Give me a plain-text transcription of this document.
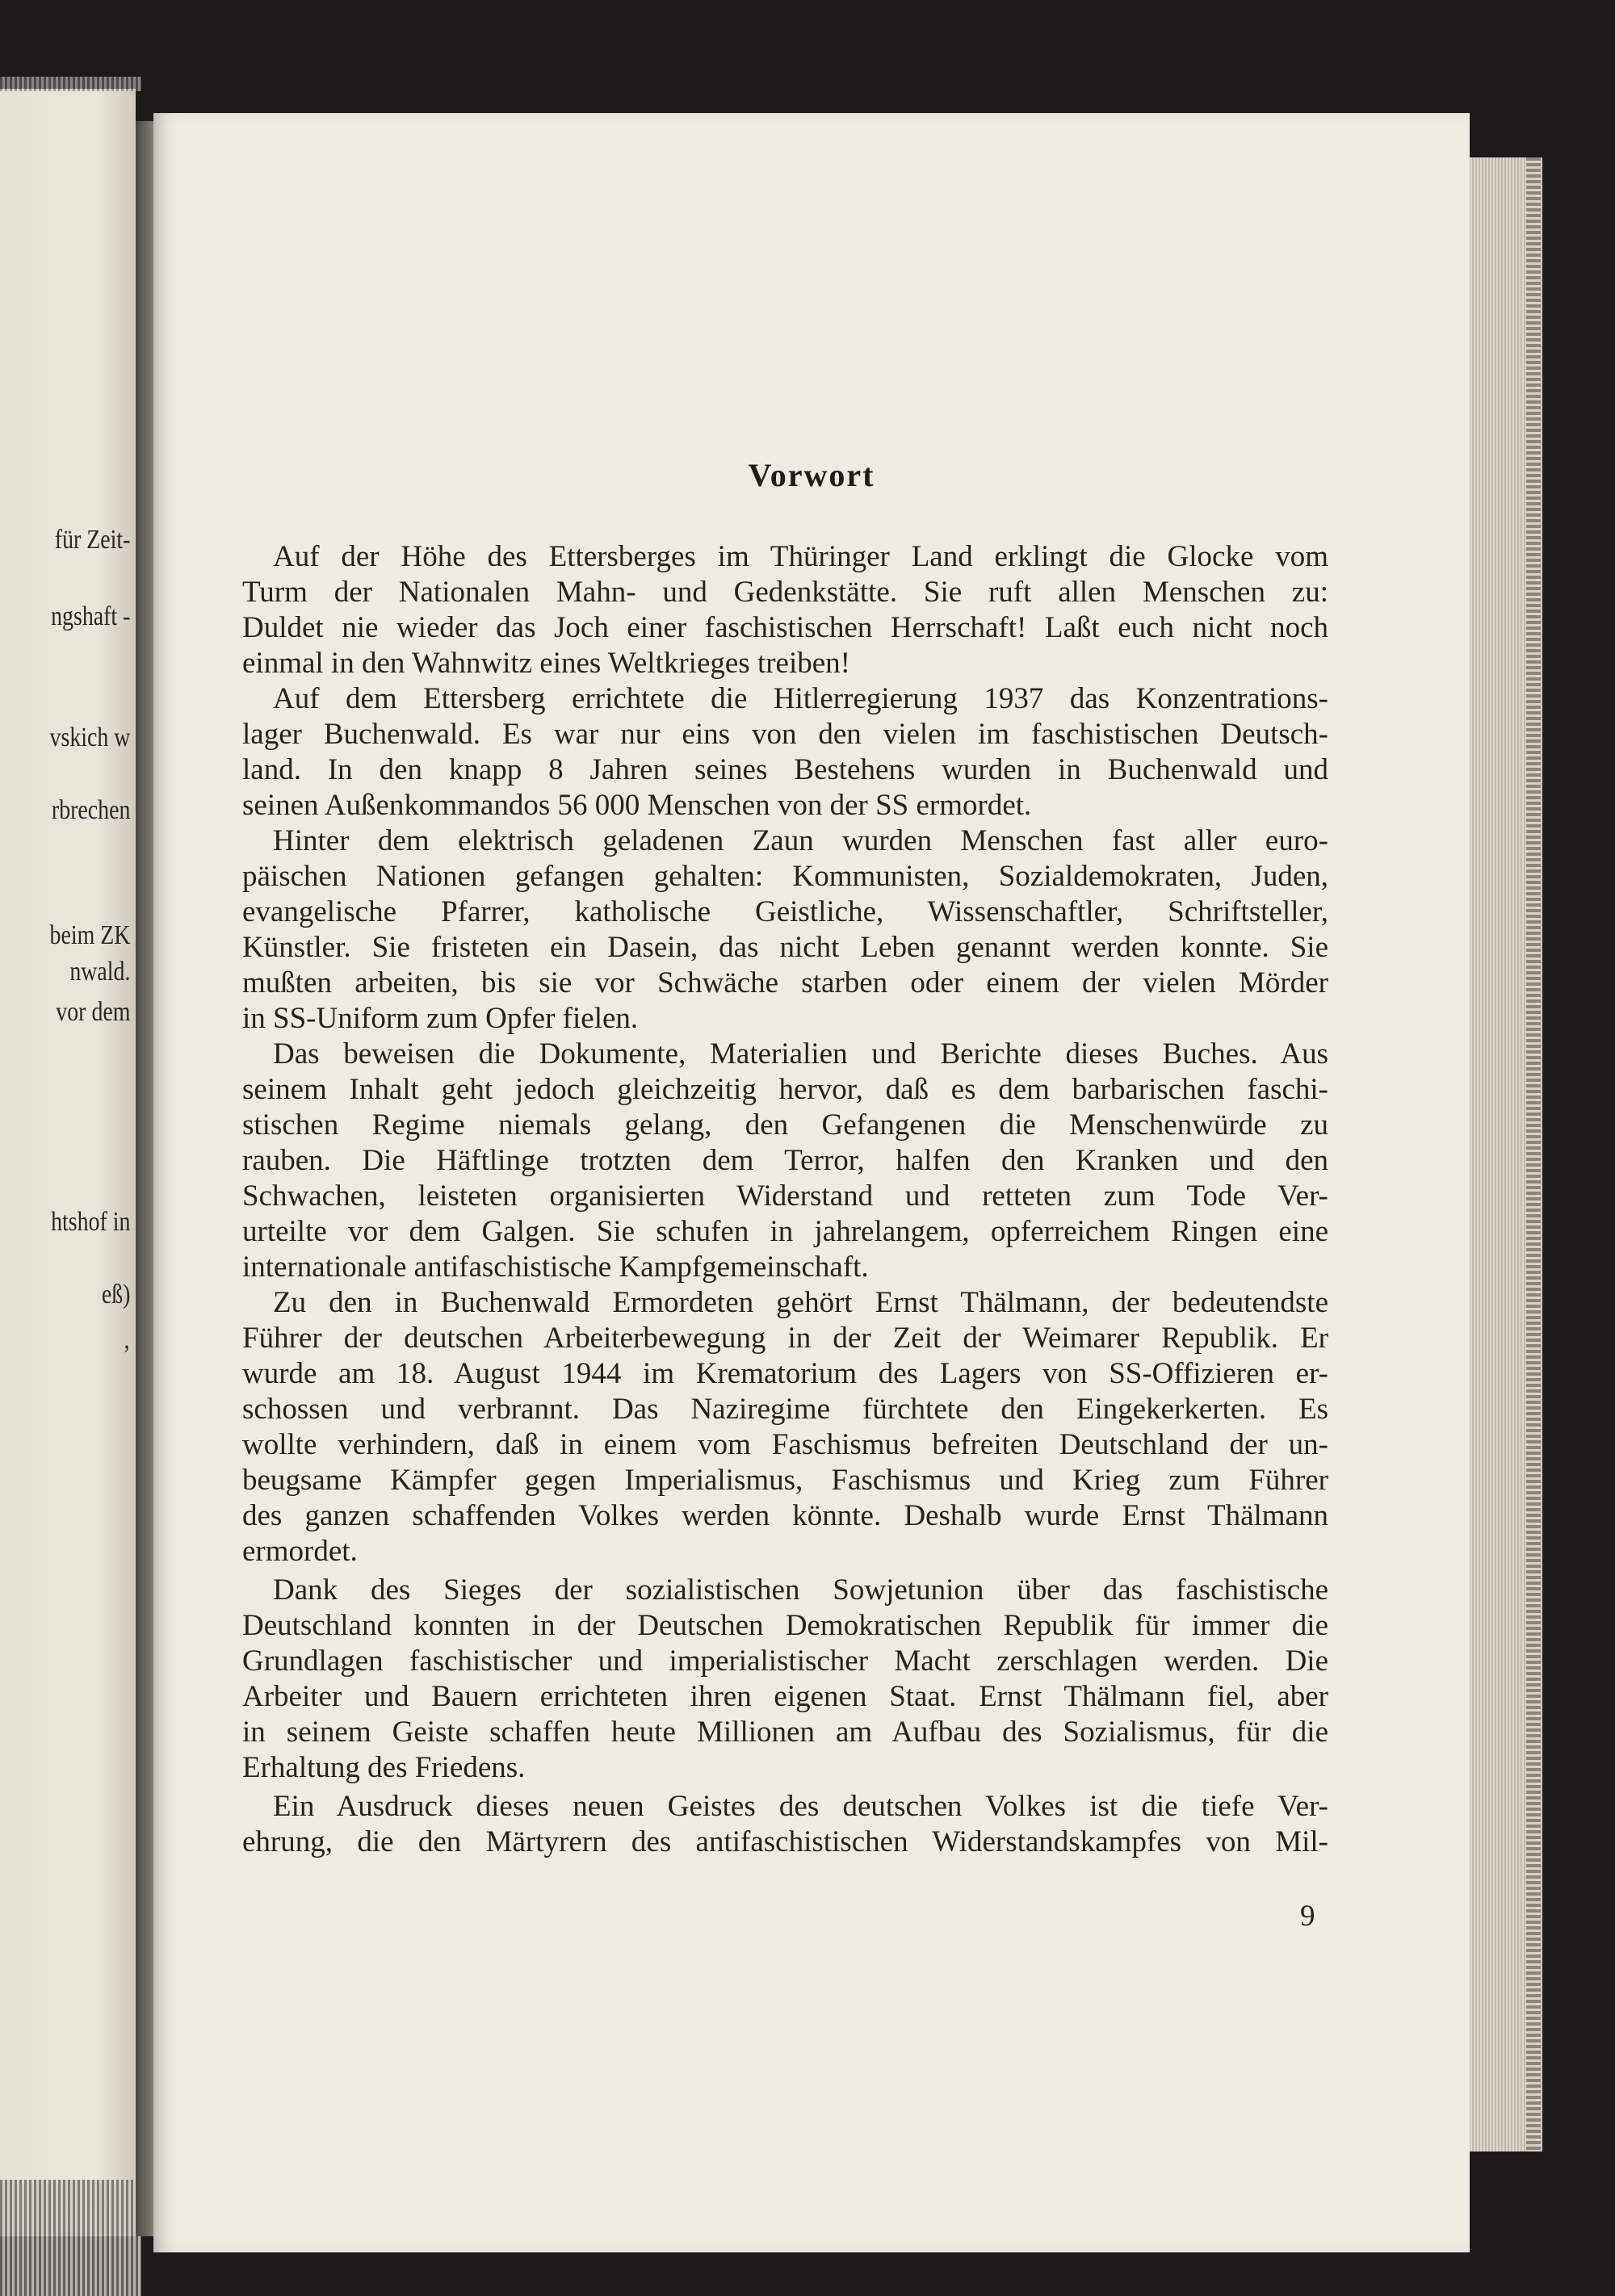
für Zeit-
ngshaft -
vskich w
rbrechen
beim ZK
nwald.
vor dem
htshof in
eß)
ʼ
Vorwort
Auf der Höhe des Ettersberges im Thüringer Land erklingt die Glocke vom
Turm der Nationalen Mahn- und Gedenkstätte. Sie ruft allen Menschen zu:
Duldet nie wieder das Joch einer faschistischen Herrschaft! Laßt euch nicht noch
einmal in den Wahnwitz eines Weltkrieges treiben!
Auf dem Ettersberg errichtete die Hitlerregierung 1937 das Konzentrations-
lager Buchenwald. Es war nur eins von den vielen im faschistischen Deutsch-
land. In den knapp 8 Jahren seines Bestehens wurden in Buchenwald und
seinen Außenkommandos 56 000 Menschen von der SS ermordet.
Hinter dem elektrisch geladenen Zaun wurden Menschen fast aller euro-
päischen Nationen gefangen gehalten: Kommunisten, Sozialdemokraten, Juden,
evangelische Pfarrer, katholische Geistliche, Wissenschaftler, Schriftsteller,
Künstler. Sie fristeten ein Dasein, das nicht Leben genannt werden konnte. Sie
mußten arbeiten, bis sie vor Schwäche starben oder einem der vielen Mörder
in SS-Uniform zum Opfer fielen.
Das beweisen die Dokumente, Materialien und Berichte dieses Buches. Aus
seinem Inhalt geht jedoch gleichzeitig hervor, daß es dem barbarischen faschi-
stischen Regime niemals gelang, den Gefangenen die Menschenwürde zu
rauben. Die Häftlinge trotzten dem Terror, halfen den Kranken und den
Schwachen, leisteten organisierten Widerstand und retteten zum Tode Ver-
urteilte vor dem Galgen. Sie schufen in jahrelangem, opferreichem Ringen eine
internationale antifaschistische Kampfgemeinschaft.
Zu den in Buchenwald Ermordeten gehört Ernst Thälmann, der bedeutendste
Führer der deutschen Arbeiterbewegung in der Zeit der Weimarer Republik. Er
wurde am 18. August 1944 im Krematorium des Lagers von SS-Offizieren er-
schossen und verbrannt. Das Naziregime fürchtete den Eingekerkerten. Es
wollte verhindern, daß in einem vom Faschismus befreiten Deutschland der un-
beugsame Kämpfer gegen Imperialismus, Faschismus und Krieg zum Führer
des ganzen schaffenden Volkes werden könnte. Deshalb wurde Ernst Thälmann
ermordet.
Dank des Sieges der sozialistischen Sowjetunion über das faschistische
Deutschland konnten in der Deutschen Demokratischen Republik für immer die
Grundlagen faschistischer und imperialistischer Macht zerschlagen werden. Die
Arbeiter und Bauern errichteten ihren eigenen Staat. Ernst Thälmann fiel, aber
in seinem Geiste schaffen heute Millionen am Aufbau des Sozialismus, für die
Erhaltung des Friedens.
Ein Ausdruck dieses neuen Geistes des deutschen Volkes ist die tiefe Ver-
ehrung, die den Märtyrern des antifaschistischen Widerstandskampfes von Mil-
9
